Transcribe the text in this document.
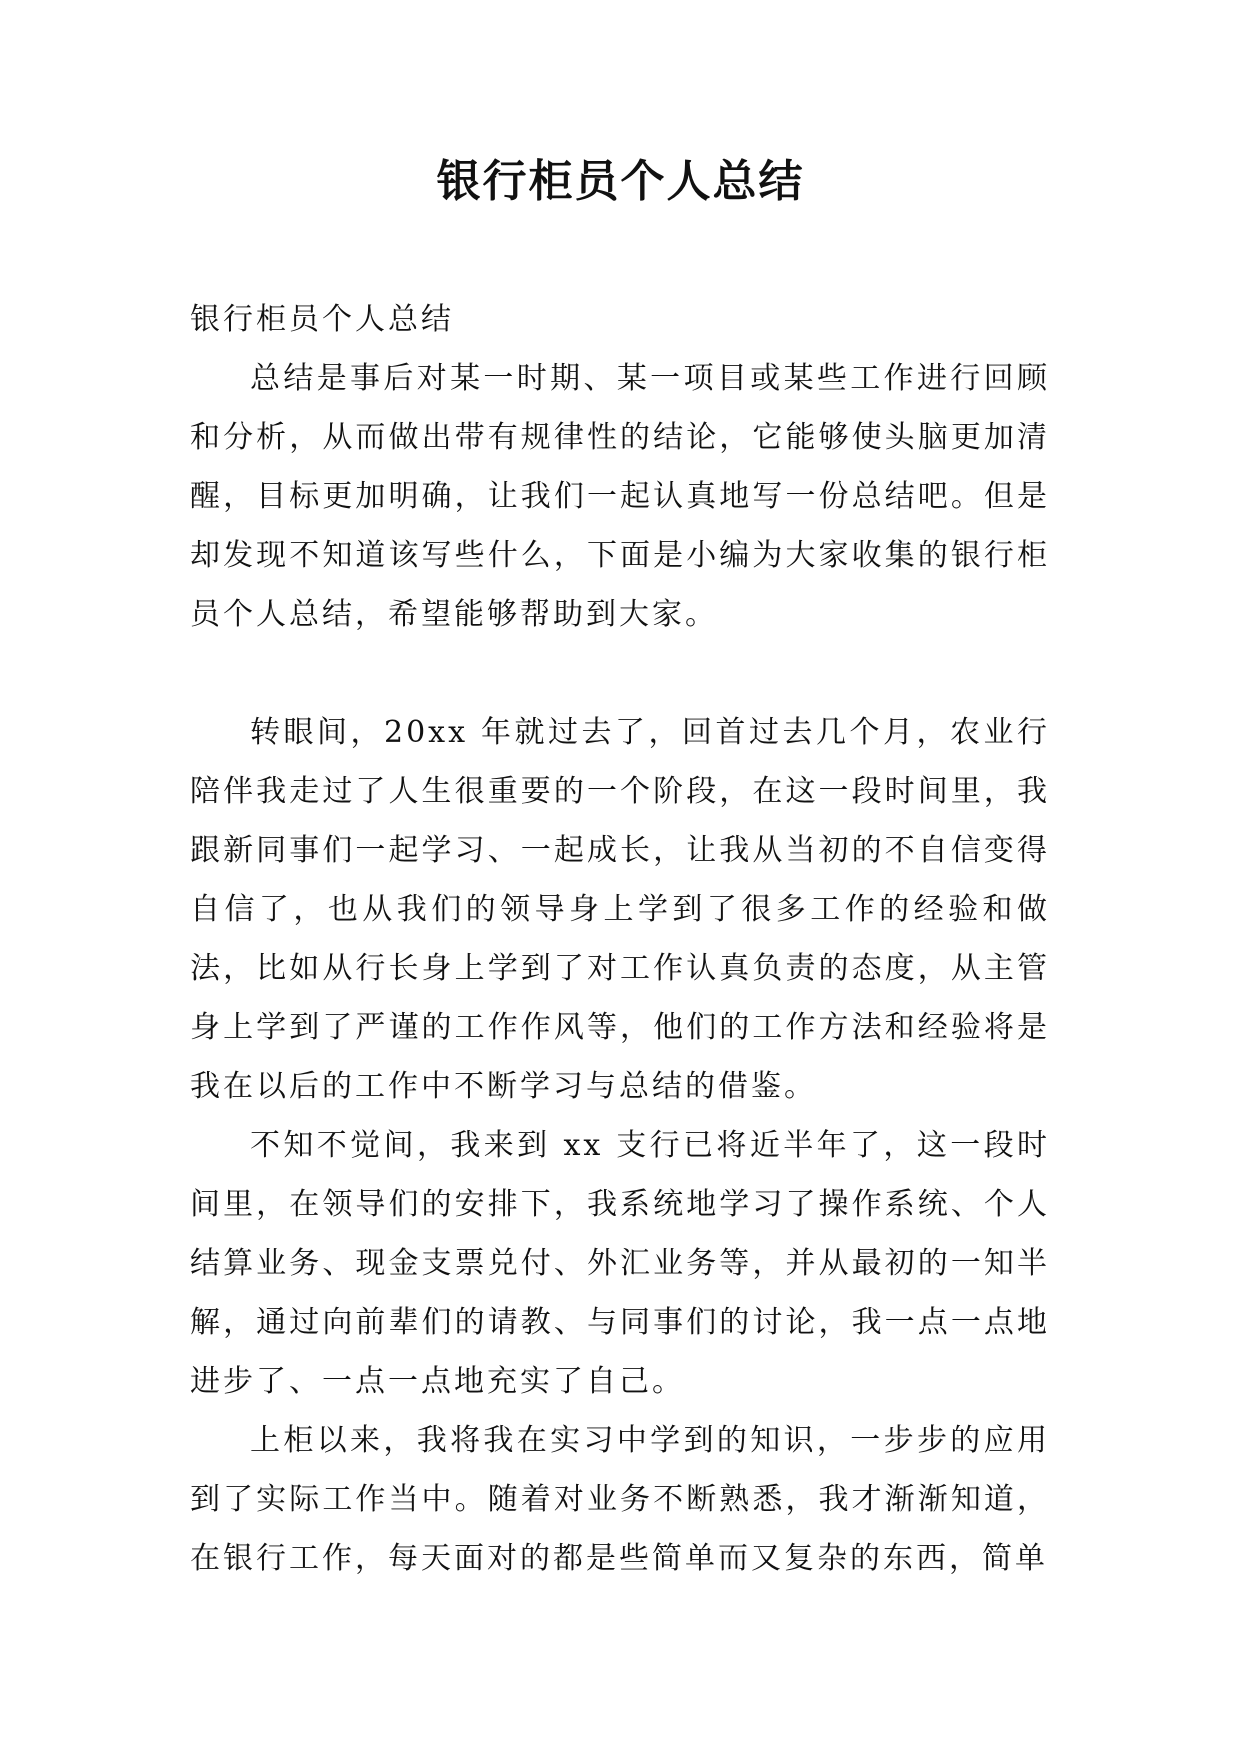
银行柜员个人总结

银行柜员个人总结

总结是事后对某一时期、某一项目或某些工作进行回顾和分析，从而做出带有规律性的结论，它能够使头脑更加清醒，目标更加明确，让我们一起认真地写一份总结吧。但是却发现不知道该写些什么，下面是小编为大家收集的银行柜员个人总结，希望能够帮助到大家。

转眼间，20xx 年就过去了，回首过去几个月，农业行陪伴我走过了人生很重要的一个阶段，在这一段时间里，我跟新同事们一起学习、一起成长，让我从当初的不自信变得自信了，也从我们的领导身上学到了很多工作的经验和做法，比如从行长身上学到了对工作认真负责的态度，从主管身上学到了严谨的工作作风等，他们的工作方法和经验将是我在以后的工作中不断学习与总结的借鉴。

不知不觉间，我来到 xx 支行已将近半年了，这一段时间里，在领导们的安排下，我系统地学习了操作系统、个人结算业务、现金支票兑付、外汇业务等，并从最初的一知半解，通过向前辈们的请教、与同事们的讨论，我一点一点地进步了、一点一点地充实了自己。

上柜以来，我将我在实习中学到的知识，一步步的应用到了实际工作当中。随着对业务不断熟悉，我才渐渐知道，在银行工作，每天面对的都是些简单而又复杂的东西，简单
